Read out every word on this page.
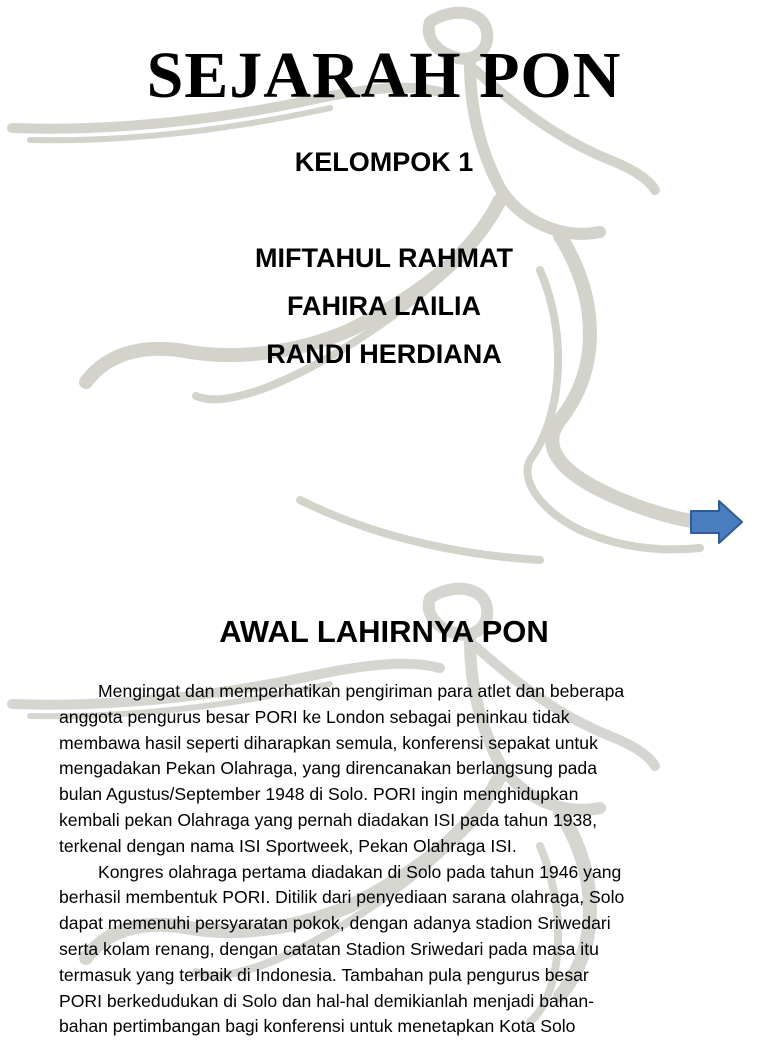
SEJARAH PON
KELOMPOK 1
MIFTAHUL RAHMAT
FAHIRA LAILIA
RANDI HERDIANA
AWAL LAHIRNYA PON
Mengingat dan memperhatikan pengiriman para atlet dan beberapa
anggota pengurus besar PORI ke London sebagai peninkau tidak
membawa hasil seperti diharapkan semula, konferensi sepakat untuk
mengadakan Pekan Olahraga, yang direncanakan berlangsung pada
bulan Agustus/September 1948 di Solo. PORI ingin menghidupkan
kembali pekan Olahraga yang pernah diadakan ISI pada tahun 1938,
terkenal dengan nama ISI Sportweek, Pekan Olahraga ISI.
Kongres olahraga pertama diadakan di Solo pada tahun 1946 yang
berhasil membentuk PORI. Ditilik dari penyediaan sarana olahraga, Solo
dapat memenuhi persyaratan pokok, dengan adanya stadion Sriwedari
serta kolam renang, dengan catatan Stadion Sriwedari pada masa itu
termasuk yang terbaik di Indonesia. Tambahan pula pengurus besar
PORI berkedudukan di Solo dan hal-hal demikianlah menjadi bahan-
bahan pertimbangan bagi konferensi untuk menetapkan Kota Solo
